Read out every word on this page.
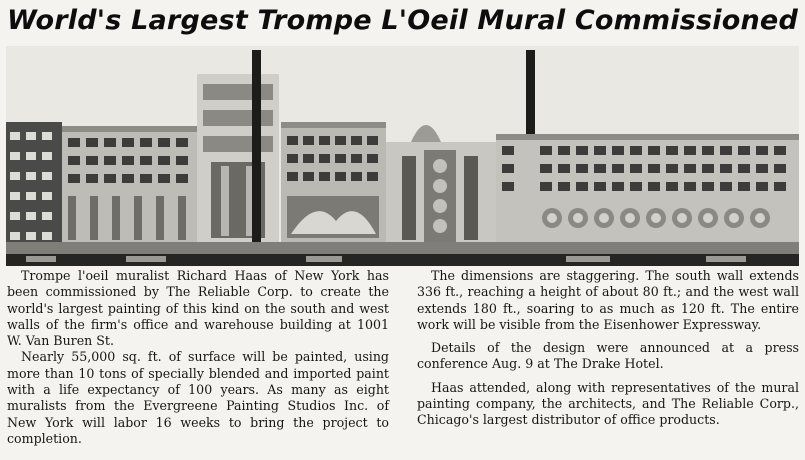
World's Largest Trompe L'Oeil Mural Commissioned

Trompe l'oeil muralist Richard Haas of New York has been commissioned by The Reliable Corp. to create the world's largest painting of this kind on the south and west walls of the firm's office and warehouse building at 1001 W. Van Buren St.

Nearly 55,000 sq. ft. of surface will be painted, using more than 10 tons of specially blended and imported paint with a life expectancy of 100 years. As many as eight muralists from the Evergreene Painting Studios Inc. of New York will labor 16 weeks to bring the project to completion.

The dimensions are staggering. The south wall extends 336 ft., reaching a height of about 80 ft.; and the west wall extends 180 ft., soaring to as much as 120 ft. The entire work will be visible from the Eisenhower Expressway.

Details of the design were announced at a press conference Aug. 9 at The Drake Hotel.

Haas attended, along with representatives of the mural painting company, the architects, and The Reliable Corp., Chicago's largest distributor of office products.
